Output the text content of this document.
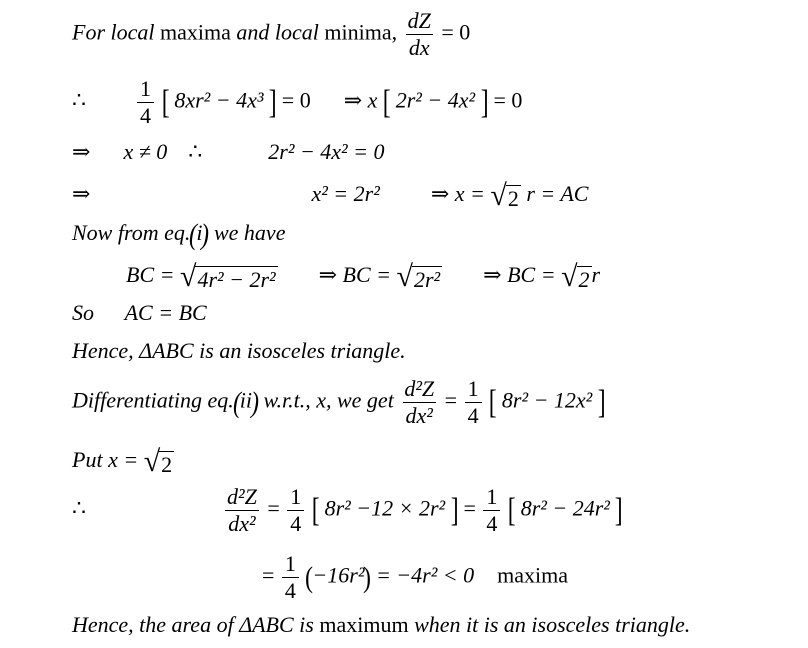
For local maxima and local minima, $\frac{dZ}{dx} = 0$
∴ $\frac{1}{4}$ [ 8xr² − 4x³ ] = 0 ⇒ x [ 2r² − 4x² ] = 0
⇒ x ≠ 0 ∴	2r² − 4x² = 0
⇒	x² = 2r² ⇒ x = √ 2 r = AC
Now from eq.(i) we have
BC = √ 4r² − 2r² ⇒ BC = √ 2r² ⇒ BC = √ 2 r
So AC = BC
Hence, ΔABC is an isosceles triangle.
Differentiating eq.(ii) w.r.t., x, we get $\frac{\text{d²Z}}{\text{dx²}} = \frac{1}{4}$ [ 8r² − 12x² ]
Put x = √ 2
∴	$\frac{\text{d²Z}}{\text{dx²}} = \frac{1}{4}$ [ 8r² −12 × 2r² ] = $\frac{1}{4}$ [ 8r² − 24r² ]
= $\frac{1}{4} (-16r^2) = -4r^2 < 0$ maxima
Hence, the area of ΔABC is maximum when it is an isosceles triangle.
